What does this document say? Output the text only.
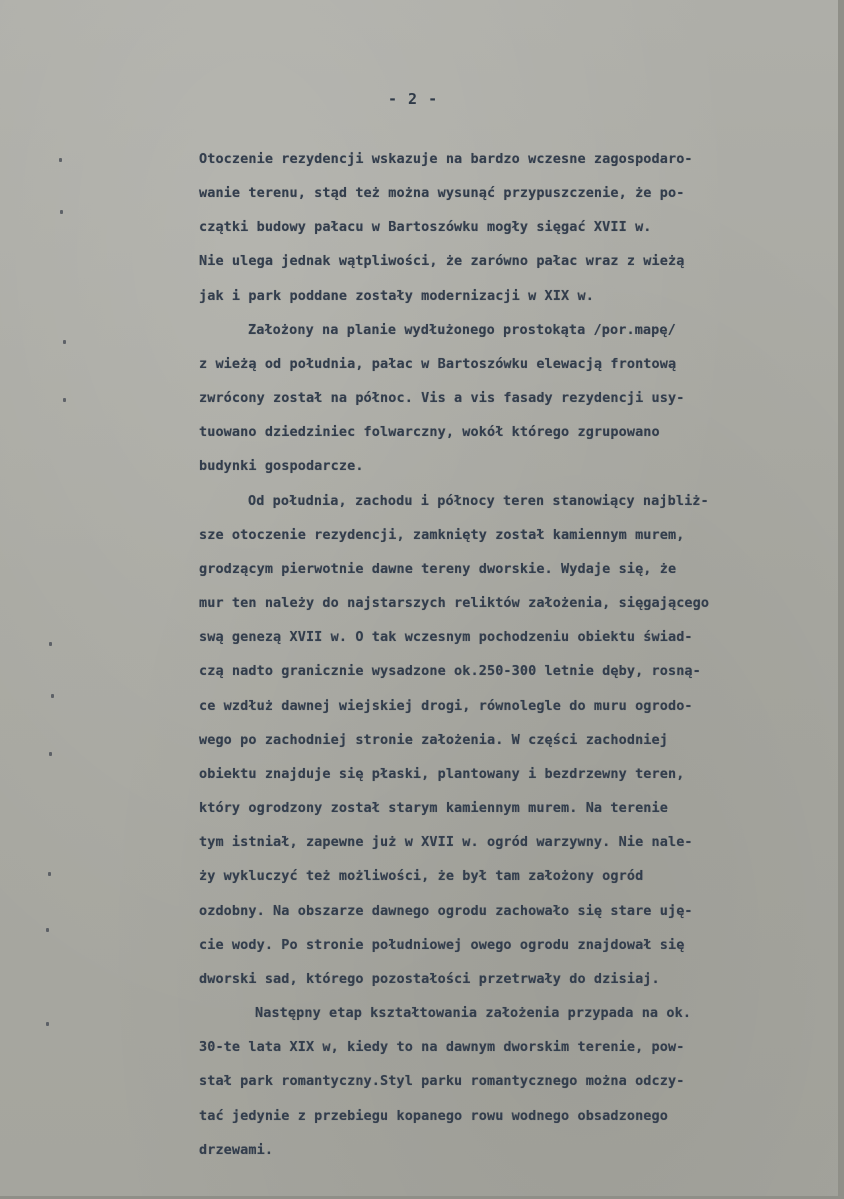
- 2 -
Otoczenie rezydencji wskazuje na bardzo wczesne zagospodaro-
wanie terenu, stąd też można wysunąć przypuszczenie, że po-
czątki budowy pałacu w Bartoszówku mogły sięgać XVII w.
Nie ulega jednak wątpliwości, że zarówno pałac wraz z wieżą
jak i park poddane zostały modernizacji w XIX w.
Założony na planie wydłużonego prostokąta /por.mapę/
z wieżą od południa, pałac w Bartoszówku elewacją frontową
zwrócony został na północ. Vis a vis fasady rezydencji usy-
tuowano dziedziniec folwarczny, wokół którego zgrupowano
budynki gospodarcze.
Od południa, zachodu i północy teren stanowiący najbliż-
sze otoczenie rezydencji, zamknięty został kamiennym murem,
grodzącym pierwotnie dawne tereny dworskie. Wydaje się, że
mur ten należy do najstarszych reliktów założenia, sięgającego
swą genezą XVII w. O tak wczesnym pochodzeniu obiektu świad-
czą nadto granicznie wysadzone ok.250-300 letnie dęby, rosną-
ce wzdłuż dawnej wiejskiej drogi, równolegle do muru ogrodo-
wego po zachodniej stronie założenia. W części zachodniej
obiektu znajduje się płaski, plantowany i bezdrzewny teren,
który ogrodzony został starym kamiennym murem. Na terenie
tym istniał, zapewne już w XVII w. ogród warzywny. Nie nale-
ży wykluczyć też możliwości, że był tam założony ogród
ozdobny. Na obszarze dawnego ogrodu zachowało się stare uję-
cie wody. Po stronie południowej owego ogrodu znajdował się
dworski sad, którego pozostałości przetrwały do dzisiaj.
Następny etap kształtowania założenia przypada na ok.
30-te lata XIX w, kiedy to na dawnym dworskim terenie, pow-
stał park romantyczny.Styl parku romantycznego można odczy-
tać jedynie z przebiegu kopanego rowu wodnego obsadzonego
drzewami.
